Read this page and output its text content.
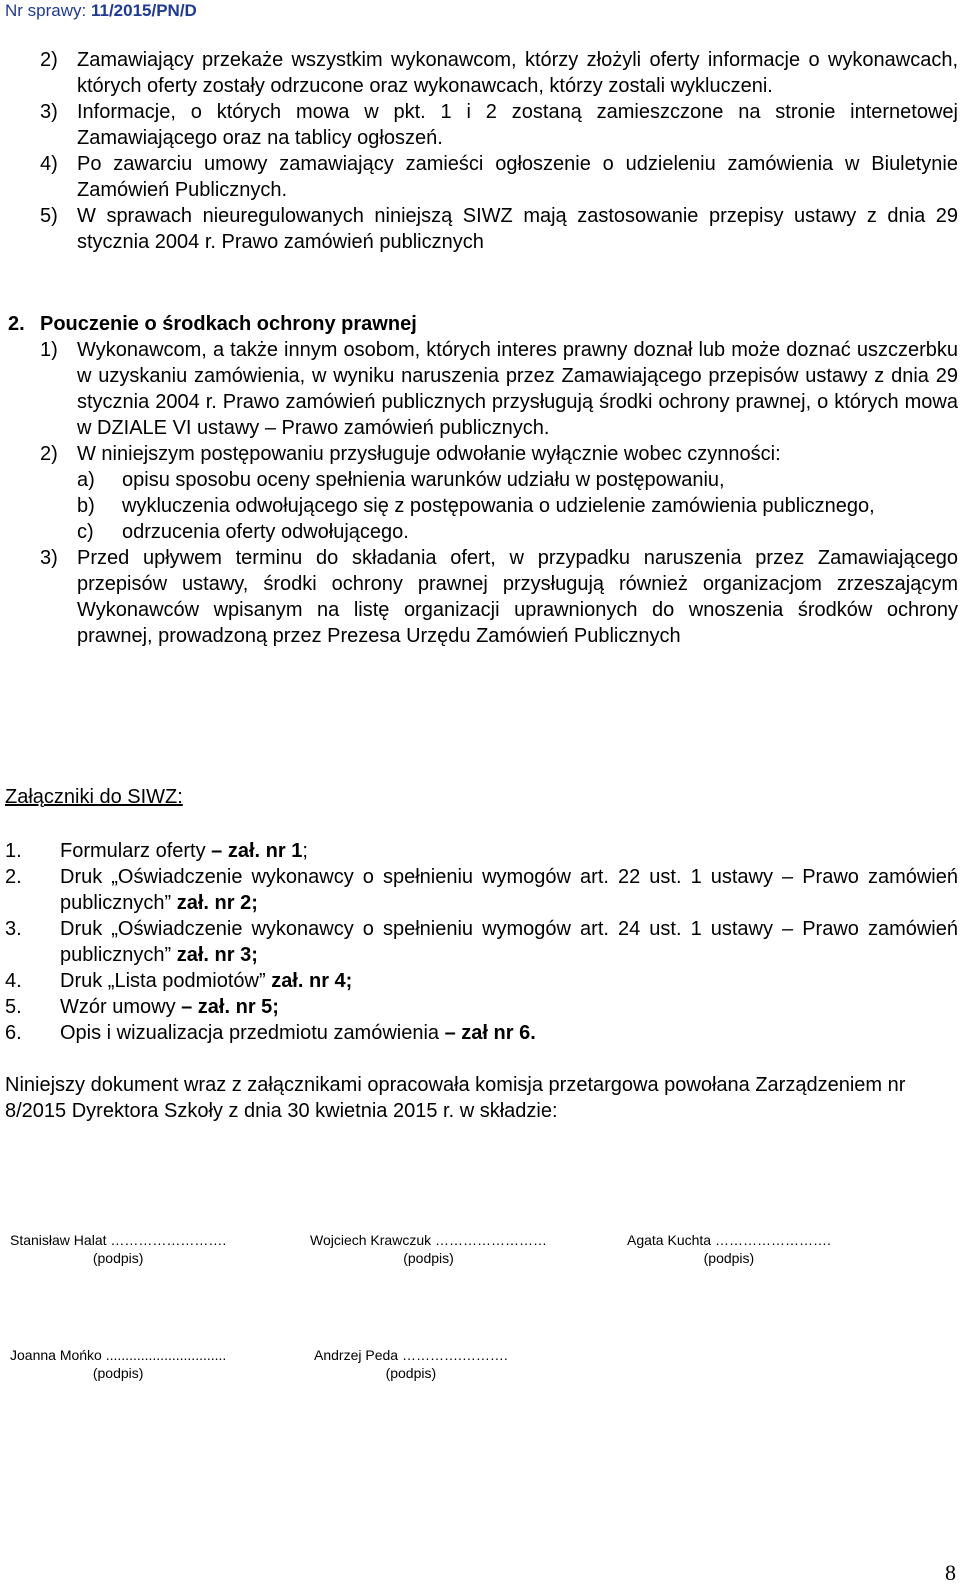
Nr sprawy: 11/2015/PN/D
2) Zamawiający przekaże wszystkim wykonawcom, którzy złożyli oferty informacje o wykonawcach, których oferty zostały odrzucone oraz wykonawcach, którzy zostali wykluczeni.
3) Informacje, o których mowa w pkt. 1 i 2 zostaną zamieszczone na stronie internetowej Zamawiającego oraz na tablicy ogłoszeń.
4) Po zawarciu umowy zamawiający zamieści ogłoszenie o udzieleniu zamówienia w Biuletynie Zamówień Publicznych.
5) W sprawach nieuregulowanych niniejszą SIWZ mają zastosowanie przepisy ustawy z dnia 29 stycznia 2004 r. Prawo zamówień publicznych
2. Pouczenie o środkach ochrony prawnej
1) Wykonawcom, a także innym osobom, których interes prawny doznał lub może doznać uszczerbku w uzyskaniu zamówienia, w wyniku naruszenia przez Zamawiającego przepisów ustawy z dnia 29 stycznia 2004 r. Prawo zamówień publicznych przysługują środki ochrony prawnej, o których mowa w DZIALE VI ustawy – Prawo zamówień publicznych.
2) W niniejszym postępowaniu przysługuje odwołanie wyłącznie wobec czynności:
a)	opisu sposobu oceny spełnienia warunków udziału w postępowaniu,
b)	wykluczenia odwołującego się z postępowania o udzielenie zamówienia publicznego,
c)	odrzucenia oferty odwołującego.
3) Przed upływem terminu do składania ofert, w przypadku naruszenia przez Zamawiającego przepisów ustawy, środki ochrony prawnej przysługują również organizacjom zrzeszającym Wykonawców wpisanym na listę organizacji uprawnionych do wnoszenia środków ochrony prawnej, prowadzoną przez Prezesa Urzędu Zamówień Publicznych
Załączniki do SIWZ:
1.	Formularz oferty – zał. nr 1;
2.	Druk „Oświadczenie wykonawcy o spełnieniu wymogów art. 22 ust. 1 ustawy – Prawo zamówień publicznych” zał. nr 2;
3.	Druk „Oświadczenie wykonawcy o spełnieniu wymogów art. 24 ust. 1 ustawy – Prawo zamówień publicznych” zał. nr 3;
4.	Druk „Lista podmiotów” zał. nr 4;
5.	Wzór umowy – zał. nr 5;
6.	Opis i wizualizacja przedmiotu zamówienia – zał nr 6.
Niniejszy dokument wraz z załącznikami opracowała komisja przetargowa powołana Zarządzeniem nr 8/2015 Dyrektora Szkoły z dnia 30 kwietnia 2015 r. w składzie:
Stanisław Halat …………………….
(podpis)
Wojciech Krawczuk ……………………
(podpis)
Agata Kuchta …………………….
(podpis)
Joanna Mońko ...............................
(podpis)
Andrzej Peda ………….……….
(podpis)
8
